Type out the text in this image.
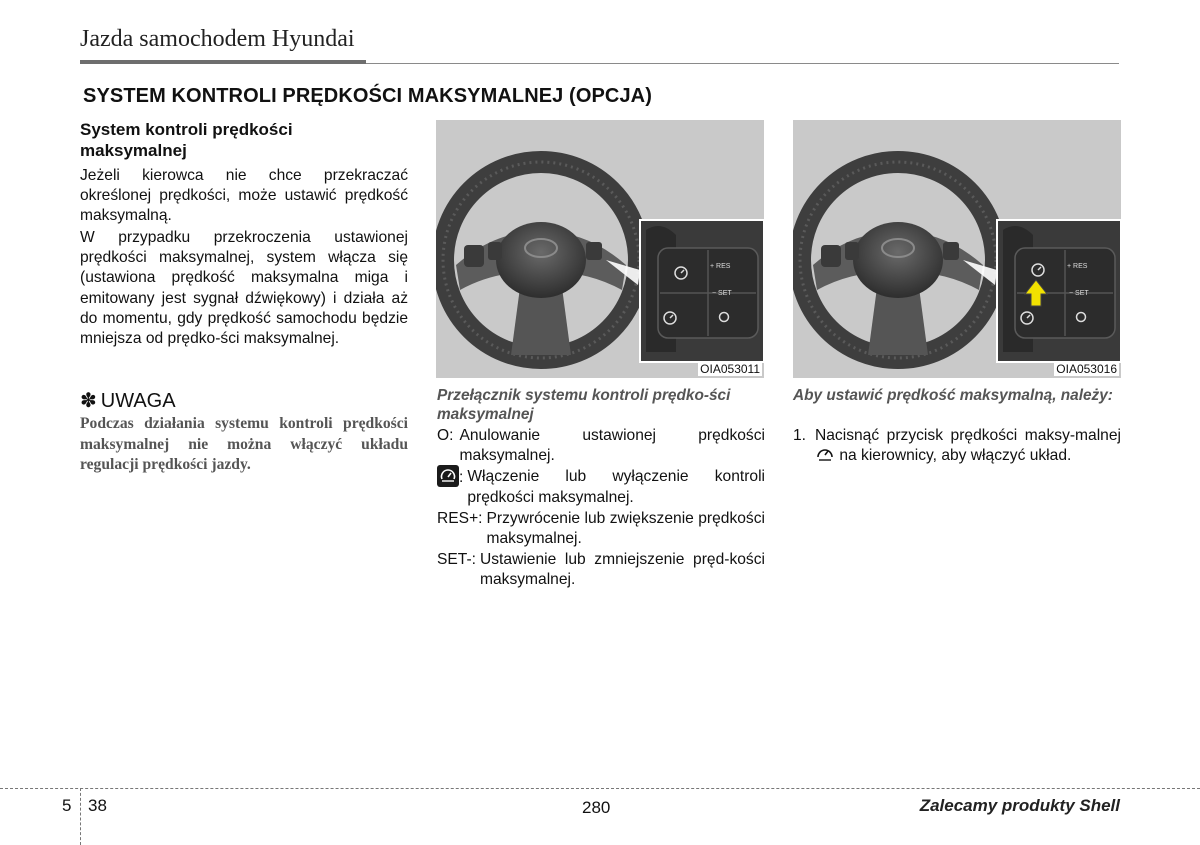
Jazda samochodem Hyundai
SYSTEM KONTROLI PRĘDKOŚCI MAKSYMALNEJ (OPCJA)
System kontroli prędkości
maksymalnej
Jeżeli kierowca nie chce przekraczać określonej prędkości, może ustawić prędkość maksymalną.
W przypadku przekroczenia ustawionej prędkości maksymalnej, system włącza się (ustawiona prędkość maksymalna miga i emitowany jest sygnał dźwiękowy) i działa aż do momentu, gdy prędkość samochodu będzie mniejsza od prędko-ści maksymalnej.
✽ UWAGA
Podczas działania systemu kontroli prędkości maksymalnej nie można włączyć układu regulacji prędkości jazdy.
+ RES
− SET
OIA053011
Przełącznik systemu kontroli prędko-ści maksymalnej
O: Anulowanie ustawionej prędkości maksymalnej.
: Włączenie lub wyłączenie kontroli prędkości maksymalnej.
RES+: Przywrócenie lub zwiększenie prędkości maksymalnej.
SET-: Ustawienie lub zmniejszenie pręd-kości maksymalnej.
+ RES
− SET
OIA053016
Aby ustawić prędkość maksymalną, należy:
1. Nacisnąć przycisk prędkości maksy-malnej  na kierownicy, aby włączyć układ.
5 38	280	Zalecamy produkty Shell
